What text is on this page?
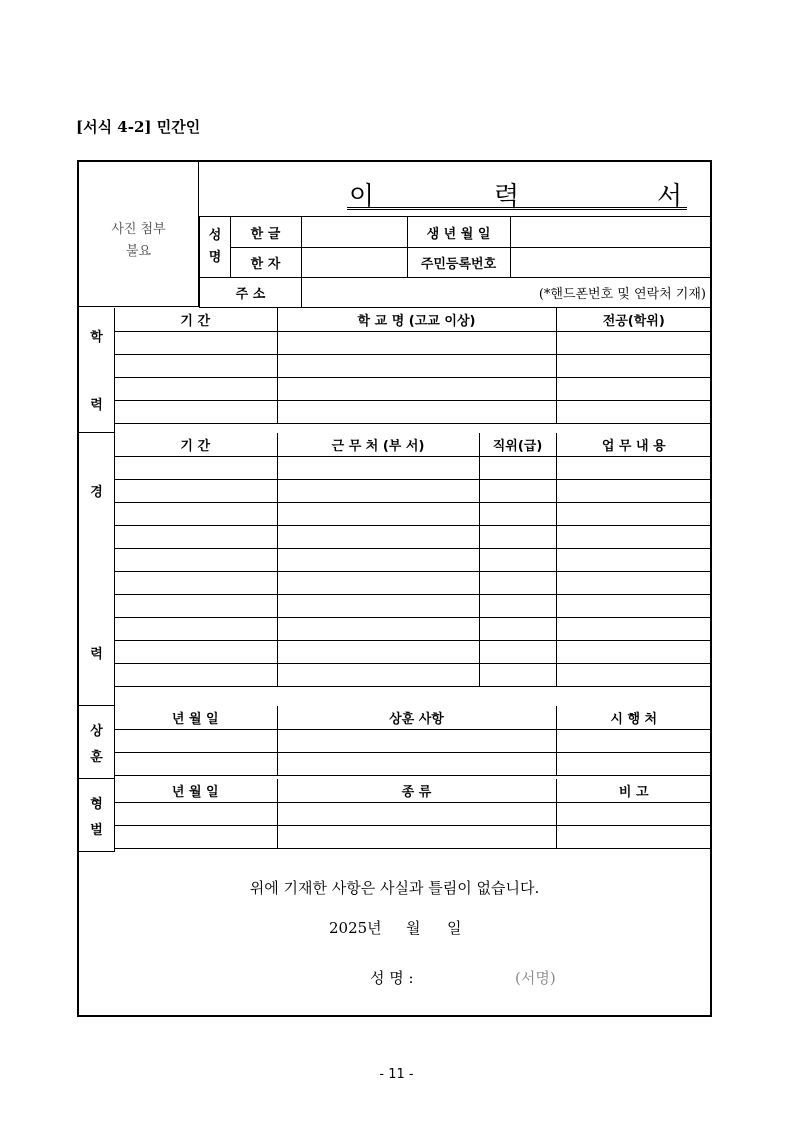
[서식 4-2] 민간인
사진 첨부
불요
이	력	서
성
명
한 글	생 년 월 일
한 자	주민등록번호
주 소	(*핸드폰번호 및 연락처 기재)
학
력
기 간	학 교 명 (고교 이상)	전공(학위)

경
력
기 간	근 무 처 (부 서)	직위(급)	업 무 내 용

상
훈
년 월 일	상훈 사항	시 행 처

형
벌
년 월 일	종 류	비 고

위에 기재한 사항은 사실과 틀림이 없습니다.
2025년 월 일
성 명 :	(서명)
- 11 -
